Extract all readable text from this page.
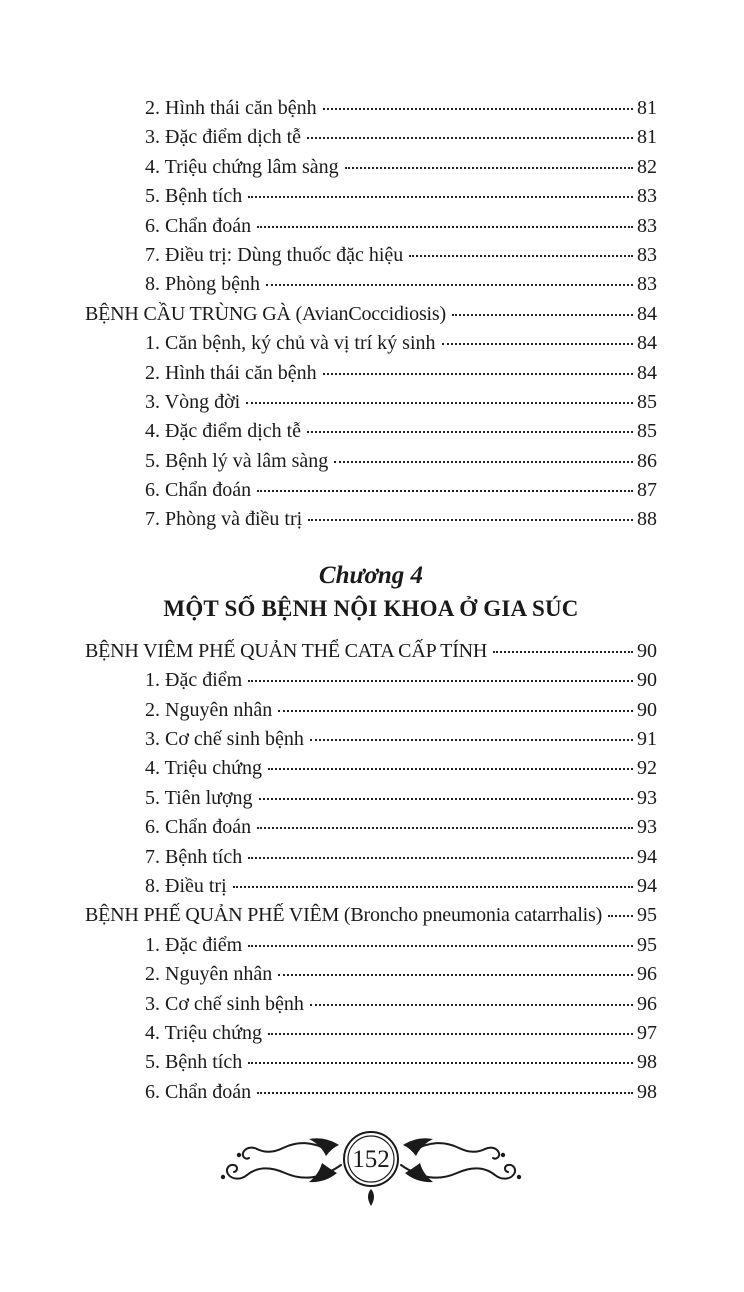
2. Hình thái căn bệnh	81
3. Đặc điểm dịch tễ	81
4. Triệu chứng lâm sàng	82
5. Bệnh tích	83
6. Chẩn đoán	83
7. Điều trị: Dùng thuốc đặc hiệu	83
8. Phòng bệnh	83
BỆNH CẦU TRÙNG GÀ (AvianCoccidiosis)	84
1. Căn bệnh, ký chủ và vị trí ký sinh	84
2. Hình thái căn bệnh	84
3. Vòng đời	85
4. Đặc điểm dịch tễ	85
5. Bệnh lý và lâm sàng	86
6. Chẩn đoán	87
7. Phòng và điều trị	88
Chương 4
MỘT SỐ BỆNH NỘI KHOA Ở GIA SÚC
BỆNH VIÊM PHẾ QUẢN THỂ CATA CẤP TÍNH	90
1. Đặc điểm	90
2. Nguyên nhân	90
3. Cơ chế sinh bệnh	91
4. Triệu chứng	92
5. Tiên lượng	93
6. Chẩn đoán	93
7. Bệnh tích	94
8. Điều trị	94
BỆNH PHẾ QUẢN PHẾ VIÊM (Broncho pneumonia catarrhalis) 95
1. Đặc điểm	95
2. Nguyên nhân	96
3. Cơ chế sinh bệnh	96
4. Triệu chứng	97
5. Bệnh tích	98
6. Chẩn đoán	98
152
